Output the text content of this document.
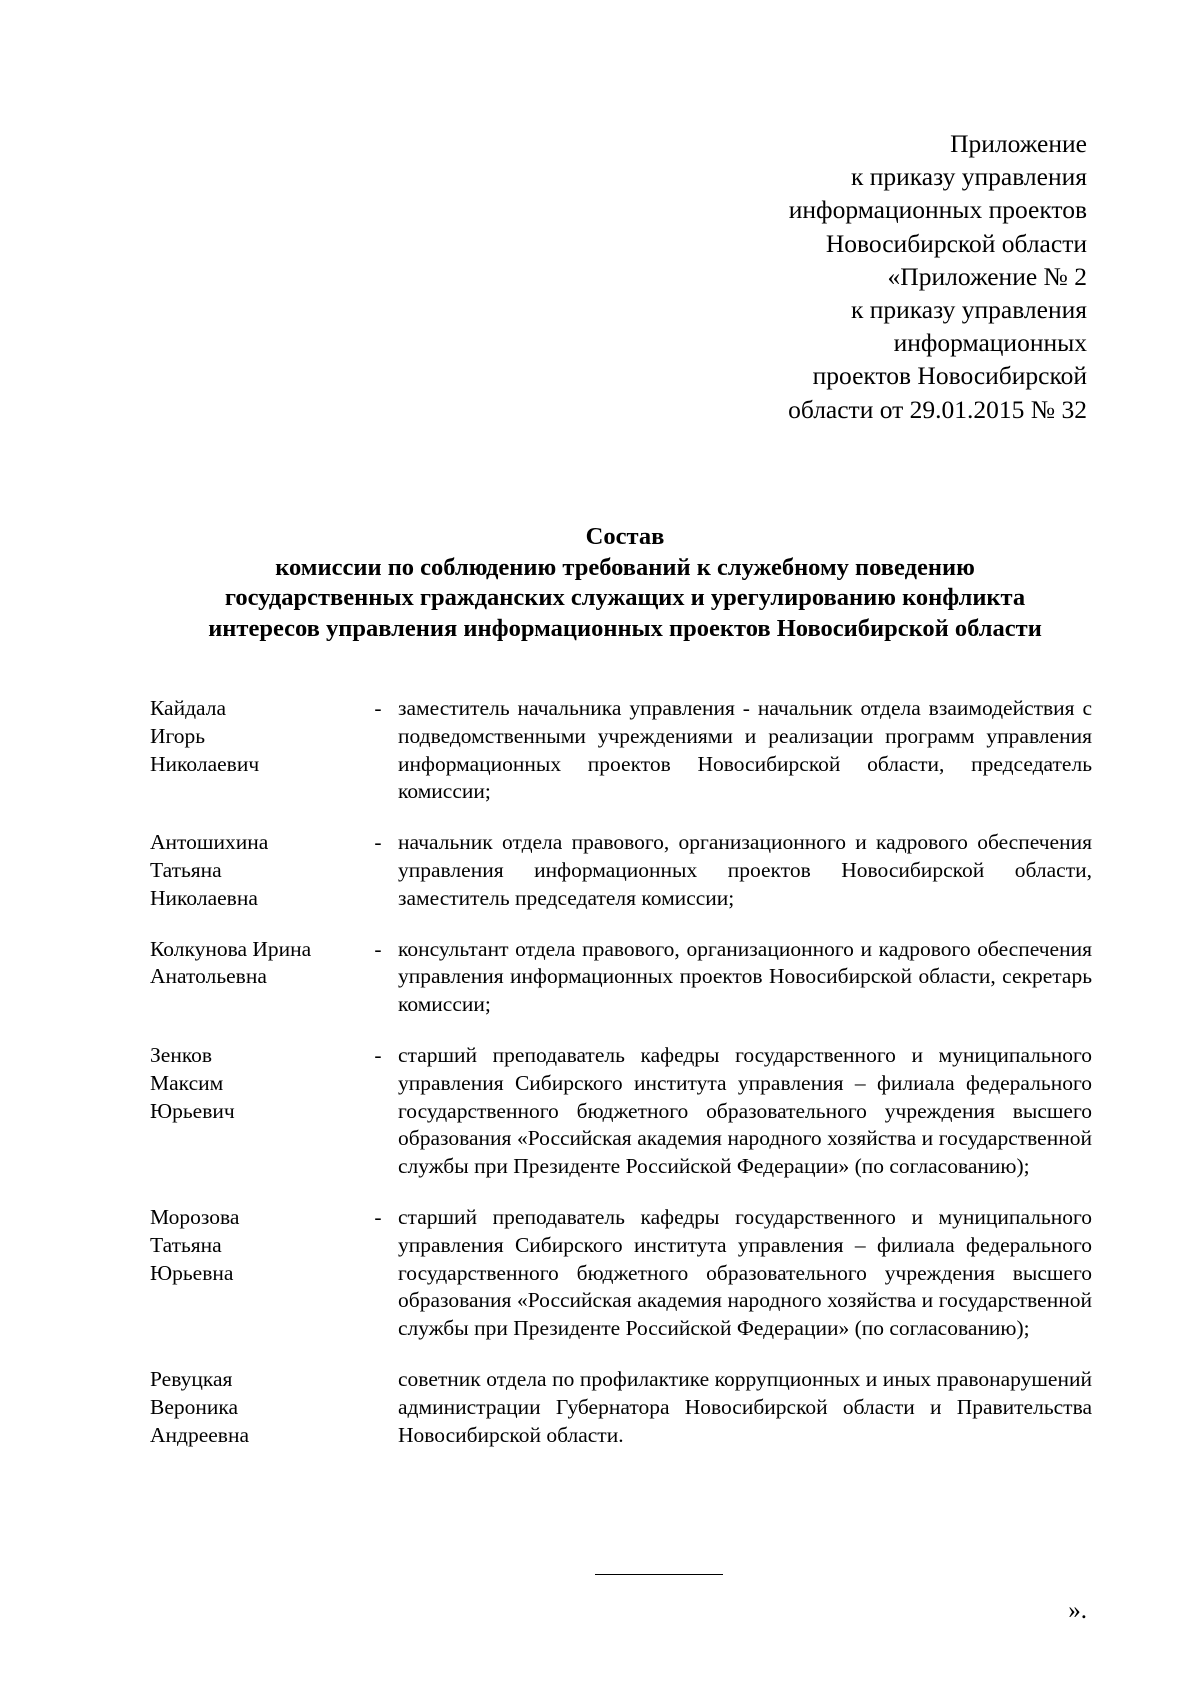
Приложение
к приказу управления
информационных проектов
Новосибирской области
«Приложение № 2
к приказу управления
информационных
проектов Новосибирской
области от 29.01.2015 № 32
Состав
комиссии по соблюдению требований к служебному поведению
государственных гражданских служащих и урегулированию конфликта
интересов управления информационных проектов Новосибирской области
Кайдала
Игорь
Николаевич
- заместитель начальника управления - начальник отдела взаимодействия с подведомственными учреждениями и реализации программ управления информационных проектов Новосибирской области, председатель комиссии;
Антошихина
Татьяна
Николаевна
- начальник отдела правового, организационного и кадрового обеспечения управления информационных проектов Новосибирской области, заместитель председателя комиссии;
Колкунова Ирина
Анатольевна
- консультант отдела правового, организационного и кадрового обеспечения управления информационных проектов Новосибирской области, секретарь комиссии;
Зенков
Максим
Юрьевич
- старший преподаватель кафедры государственного и муниципального управления Сибирского института управления – филиала федерального государственного бюджетного образовательного учреждения высшего образования «Российская академия народного хозяйства и государственной службы при Президенте Российской Федерации» (по согласованию);
Морозова
Татьяна
Юрьевна
- старший преподаватель кафедры государственного и муниципального управления Сибирского института управления – филиала федерального государственного бюджетного образовательного учреждения высшего образования «Российская академия народного хозяйства и государственной службы при Президенте Российской Федерации» (по согласованию);
Ревуцкая
Вероника
Андреевна
советник отдела по профилактике коррупционных и иных правонарушений администрации Губернатора Новосибирской области и Правительства Новосибирской области.
».
